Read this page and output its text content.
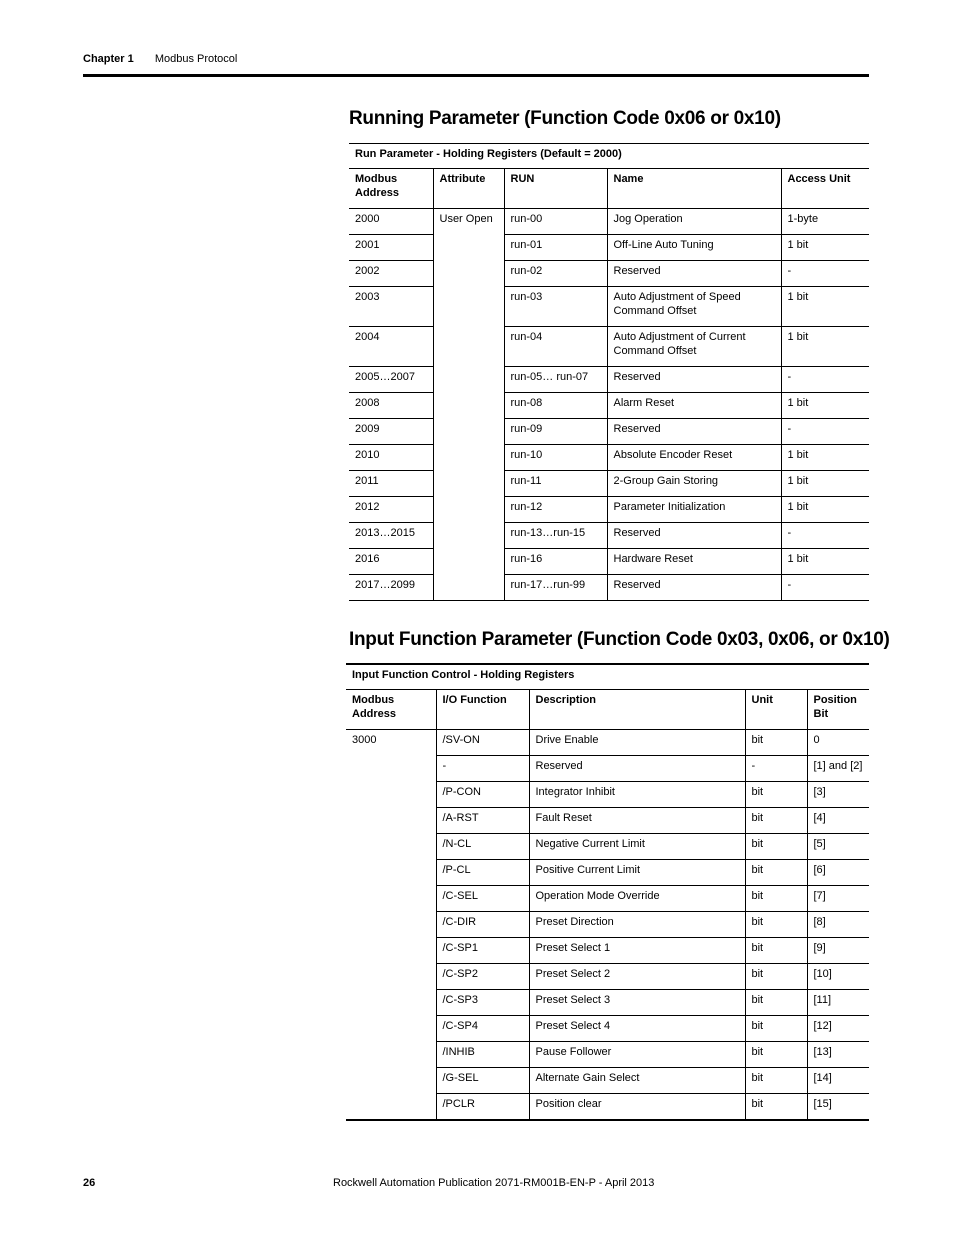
Chapter 1 Modbus Protocol
Running Parameter (Function Code 0x06 or 0x10)
Run Parameter - Holding Registers (Default = 2000)				
Modbus Address	Attribute	RUN	Name	Access Unit
2000	User Open	run-00	Jog Operation	1-byte
2001		run-01	Off-Line Auto Tuning	1 bit
2002		run-02	Reserved	-
2003		run-03	Auto Adjustment of Speed Command Offset	1 bit
2004		run-04	Auto Adjustment of Current Command Offset	1 bit
2005…2007		run-05… run-07	Reserved	-
2008		run-08	Alarm Reset	1 bit
2009		run-09	Reserved	-
2010		run-10	Absolute Encoder Reset	1 bit
2011		run-11	2-Group Gain Storing	1 bit
2012		run-12	Parameter Initialization	1 bit
2013…2015		run-13…run-15	Reserved	-
2016		run-16	Hardware Reset	1 bit
2017…2099		run-17…run-99	Reserved	-
Input Function Parameter (Function Code 0x03, 0x06, or 0x10)
Input Function Control - Holding Registers				
Modbus Address	I/O Function	Description	Unit	Position Bit
3000	/SV-ON	Drive Enable	bit	0
	-	Reserved	-	[1] and [2]
	/P-CON	Integrator Inhibit	bit	[3]
	/A-RST	Fault Reset	bit	[4]
	/N-CL	Negative Current Limit	bit	[5]
	/P-CL	Positive Current Limit	bit	[6]
	/C-SEL	Operation Mode Override	bit	[7]
	/C-DIR	Preset Direction	bit	[8]
	/C-SP1	Preset Select 1	bit	[9]
	/C-SP2	Preset Select 2	bit	[10]
	/C-SP3	Preset Select 3	bit	[11]
	/C-SP4	Preset Select 4	bit	[12]
	/INHIB	Pause Follower	bit	[13]
	/G-SEL	Alternate Gain Select	bit	[14]
	/PCLR	Position clear	bit	[15]
26	Rockwell Automation Publication 2071-RM001B-EN-P - April 2013
